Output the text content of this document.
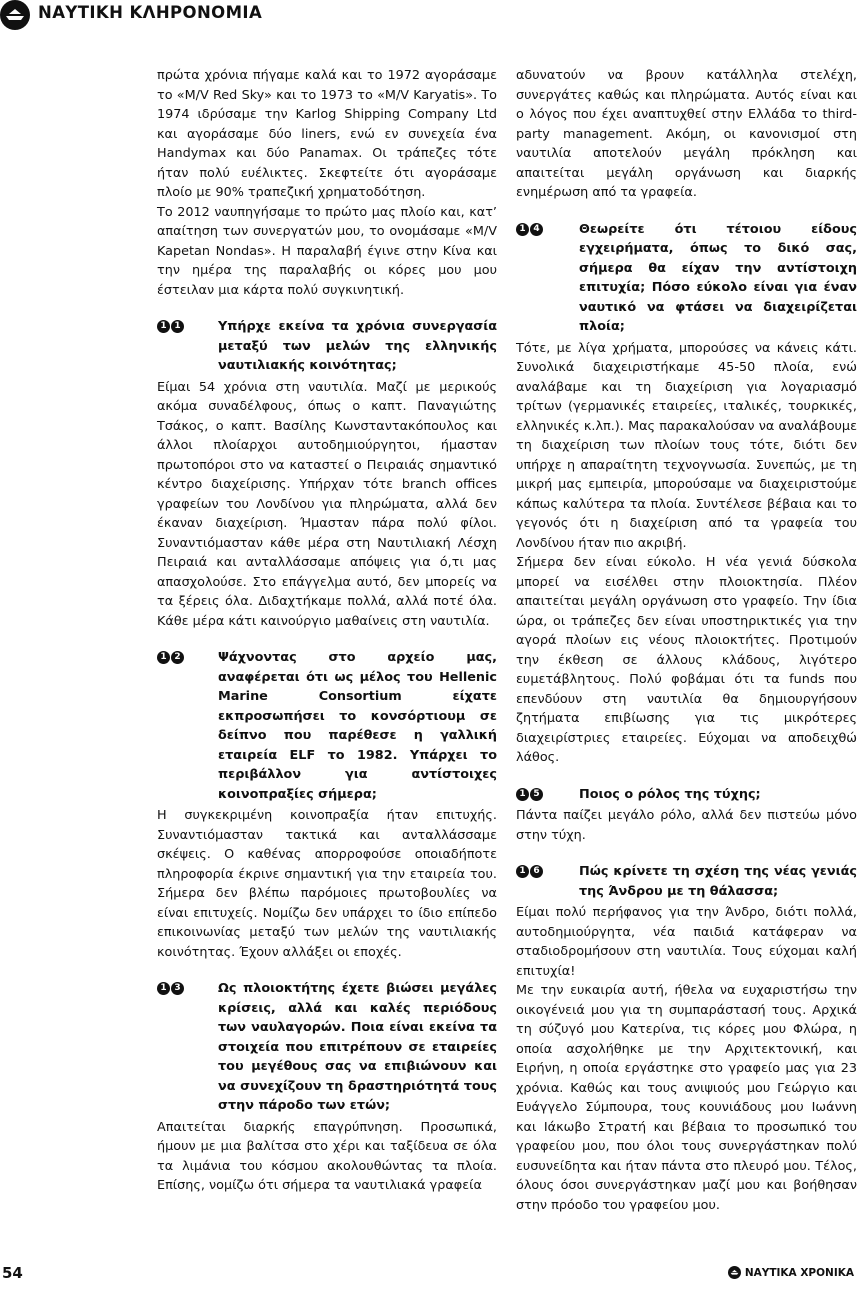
ΝΑΥΤΙΚΗ ΚΛΗΡΟΝΟΜΙΑ

πρώτα χρόνια πήγαμε καλά και το 1972 αγοράσαμε το «M/V Red Sky» και το 1973 το «M/V Karyatis». Το 1974 ιδρύσαμε την Karlog Shipping Company Ltd και αγοράσαμε δύο liners, ενώ εν συνεχεία ένα Handymax και δύο Panamax. Οι τράπεζες τότε ήταν πολύ ευέλικτες. Σκεφτείτε ότι αγοράσαμε πλοίο με 90% τραπεζική χρηματοδότηση.

Το 2012 ναυπηγήσαμε το πρώτο μας πλοίο και, κατ’ απαίτηση των συνεργατών μου, το ονομάσαμε «M/V Kapetan Nondas». Η παραλαβή έγινε στην Κίνα και την ημέρα της παραλαβής οι κόρες μου μου έστειλαν μια κάρτα πολύ συγκινητική.

1 1	Υπήρχε εκείνα τα χρόνια συνεργασία μεταξύ των μελών της ελληνικής ναυτιλιακής κοινότητας;

Είμαι 54 χρόνια στη ναυτιλία. Μαζί με μερικούς ακόμα συναδέλφους, όπως ο καπτ. Παναγιώτης Τσάκος, ο καπτ. Βασίλης Κωνσταντακόπουλος και άλλοι πλοίαρχοι αυτοδημιούργητοι, ήμασταν πρωτοπόροι στο να καταστεί ο Πειραιάς σημαντικό κέντρο διαχείρισης. Υπήρχαν τότε branch offices γραφείων του Λονδίνου για πληρώματα, αλλά δεν έκαναν διαχείριση. Ήμασταν πάρα πολύ φίλοι. Συναντιόμασταν κάθε μέρα στη Ναυτιλιακή Λέσχη Πειραιά και ανταλλάσσαμε απόψεις για ό,τι μας απασχολούσε. Στο επάγγελμα αυτό, δεν μπορείς να τα ξέρεις όλα. Διδαχτήκαμε πολλά, αλλά ποτέ όλα. Κάθε μέρα κάτι καινούργιο μαθαίνεις στη ναυτιλία.

1 2	Ψάχνοντας στο αρχείο μας, αναφέρεται ότι ως μέλος του Hellenic Marine Consortium είχατε εκπροσωπήσει το κονσόρτιουμ σε δείπνο που παρέθεσε η γαλλική εταιρεία ELF το 1982. Υπάρχει το περιβάλλον για αντίστοιχες κοινοπραξίες σήμερα;

Η συγκεκριμένη κοινοπραξία ήταν επιτυχής. Συναντιόμασταν τακτικά και ανταλλάσσαμε σκέψεις. Ο καθένας απορροφούσε οποιαδήποτε πληροφορία έκρινε σημαντική για την εταιρεία του. Σήμερα δεν βλέπω παρόμοιες πρωτοβουλίες να είναι επιτυχείς. Νομίζω δεν υπάρχει το ίδιο επίπεδο επικοινωνίας μεταξύ των μελών της ναυτιλιακής κοινότητας. Έχουν αλλάξει οι εποχές.

1 3	Ως πλοιοκτήτης έχετε βιώσει μεγάλες κρίσεις, αλλά και καλές περιόδους των ναυλαγορών. Ποια είναι εκείνα τα στοιχεία που επιτρέπουν σε εταιρείες του μεγέθους σας να επιβιώνουν και να συνεχίζουν τη δραστηριότητά τους στην πάροδο των ετών;

Απαιτείται διαρκής επαγρύπνηση. Προσωπικά, ήμουν με μια βαλίτσα στο χέρι και ταξίδευα σε όλα τα λιμάνια του κόσμου ακολουθώντας τα πλοία. Επίσης, νομίζω ότι σήμερα τα ναυτιλιακά γραφεία

αδυνατούν να βρουν κατάλληλα στελέχη, συνεργάτες καθώς και πληρώματα. Αυτός είναι και ο λόγος που έχει αναπτυχθεί στην Ελλάδα το third-party management. Ακόμη, οι κανονισμοί στη ναυτιλία αποτελούν μεγάλη πρόκληση και απαιτείται μεγάλη οργάνωση και διαρκής ενημέρωση από τα γραφεία.

1 4	Θεωρείτε ότι τέτοιου είδους εγχειρήματα, όπως το δικό σας, σήμερα θα είχαν την αντίστοιχη επιτυχία; Πόσο εύκολο είναι για έναν ναυτικό να φτάσει να διαχειρίζεται πλοία;

Τότε, με λίγα χρήματα, μπορούσες να κάνεις κάτι. Συνολικά διαχειριστήκαμε 45-50 πλοία, ενώ αναλάβαμε και τη διαχείριση για λογαριασμό τρίτων (γερμανικές εταιρείες, ιταλικές, τουρκικές, ελληνικές κ.λπ.). Μας παρακαλούσαν να αναλάβουμε τη διαχείριση των πλοίων τους τότε, διότι δεν υπήρχε η απαραίτητη τεχνογνωσία. Συνεπώς, με τη μικρή μας εμπειρία, μπορούσαμε να διαχειριστούμε κάπως καλύτερα τα πλοία. Συντέλεσε βέβαια και το γεγονός ότι η διαχείριση από τα γραφεία του Λονδίνου ήταν πιο ακριβή.

Σήμερα δεν είναι εύκολο. Η νέα γενιά δύσκολα μπορεί να εισέλθει στην πλοιοκτησία. Πλέον απαιτείται μεγάλη οργάνωση στο γραφείο. Την ίδια ώρα, οι τράπεζες δεν είναι υποστηρικτικές για την αγορά πλοίων εις νέους πλοιοκτήτες. Προτιμούν την έκθεση σε άλλους κλάδους, λιγότερο ευμετάβλητους. Πολύ φοβάμαι ότι τα funds που επενδύουν στη ναυτιλία θα δημιουργήσουν ζητήματα επιβίωσης για τις μικρότερες διαχειρίστριες εταιρείες. Εύχομαι να αποδειχθώ λάθος.

1 5	Ποιος ο ρόλος της τύχης;

Πάντα παίζει μεγάλο ρόλο, αλλά δεν πιστεύω μόνο στην τύχη.

1 6	Πώς κρίνετε τη σχέση της νέας γενιάς της Άνδρου με τη θάλασσα;

Είμαι πολύ περήφανος για την Άνδρο, διότι πολλά, αυτοδημιούργητα, νέα παιδιά κατάφεραν να σταδιοδρομήσουν στη ναυτιλία. Τους εύχομαι καλή επιτυχία!

Με την ευκαιρία αυτή, ήθελα να ευχαριστήσω την οικογένειά μου για τη συμπαράστασή τους. Αρχικά τη σύζυγό μου Κατερίνα, τις κόρες μου Φλώρα, η οποία ασχολήθηκε με την Αρχιτεκτονική, και Ειρήνη, η οποία εργάστηκε στο γραφείο μας για 23 χρόνια. Καθώς και τους ανιψιούς μου Γεώργιο και Ευάγγελο Σύμπουρα, τους κουνιάδους μου Ιωάννη και Ιάκωβο Στρατή και βέβαια το προσωπικό του γραφείου μου, που όλοι τους συνεργάστηκαν πολύ ευσυνείδητα και ήταν πάντα στο πλευρό μου. Τέλος, όλους όσοι συνεργάστηκαν μαζί μου και βοήθησαν στην πρόοδο του γραφείου μου.

54	ΝΑΥΤΙΚΑ ΧΡΟΝΙΚΑ
